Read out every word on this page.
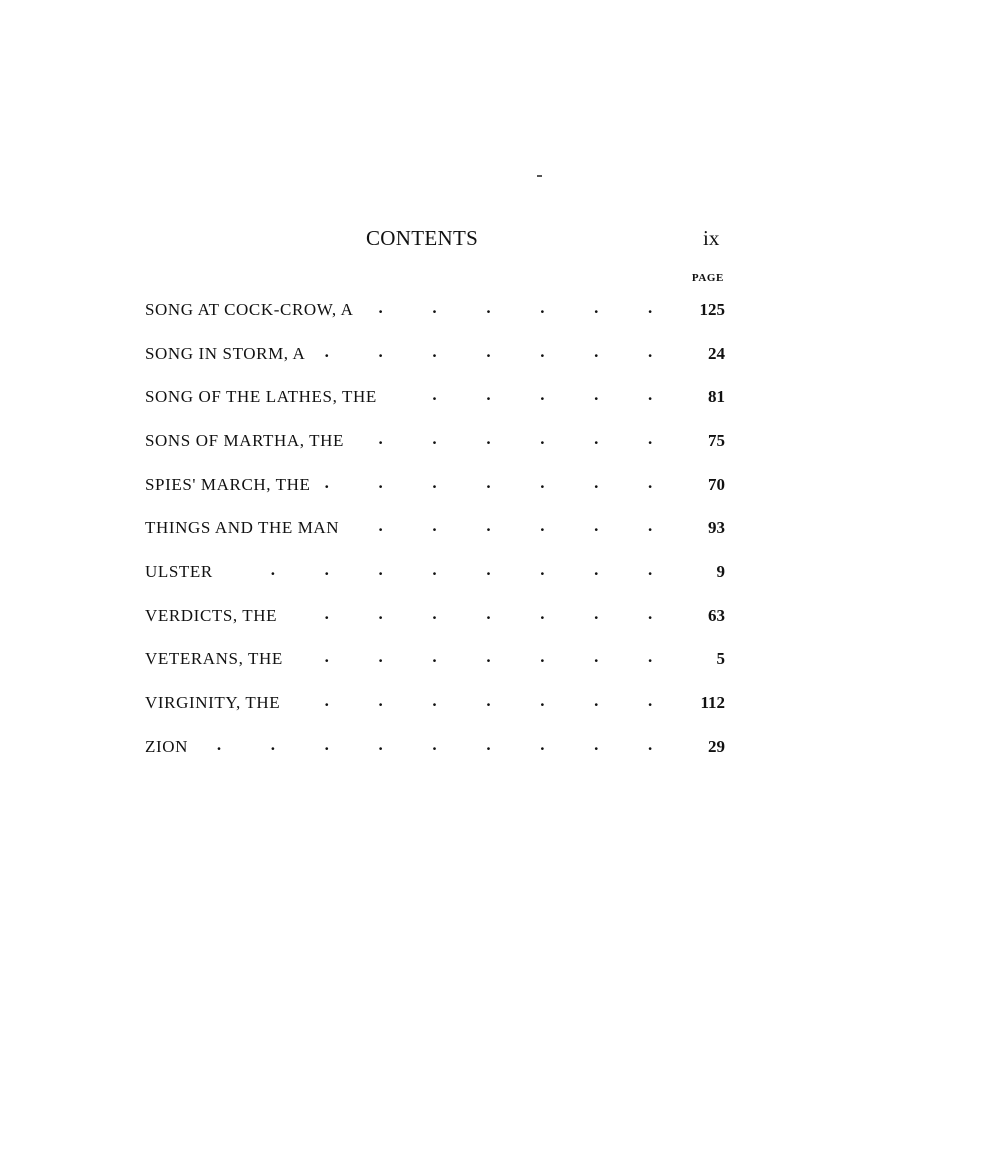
CONTENTS	ix
PAGE
SONG AT COCK-CROW, A . . .	125
SONG IN STORM, A . . .	24
SONG OF THE LATHES, THE . . .	81
SONS OF MARTHA, THE . . .	75
SPIES' MARCH, THE . . .	70
THINGS AND THE MAN . . .	93
ULSTER . . .	9
VERDICTS, THE . . .	63
VETERANS, THE . . .	5
VIRGINITY, THE . . .	112
ZION . . .	29
